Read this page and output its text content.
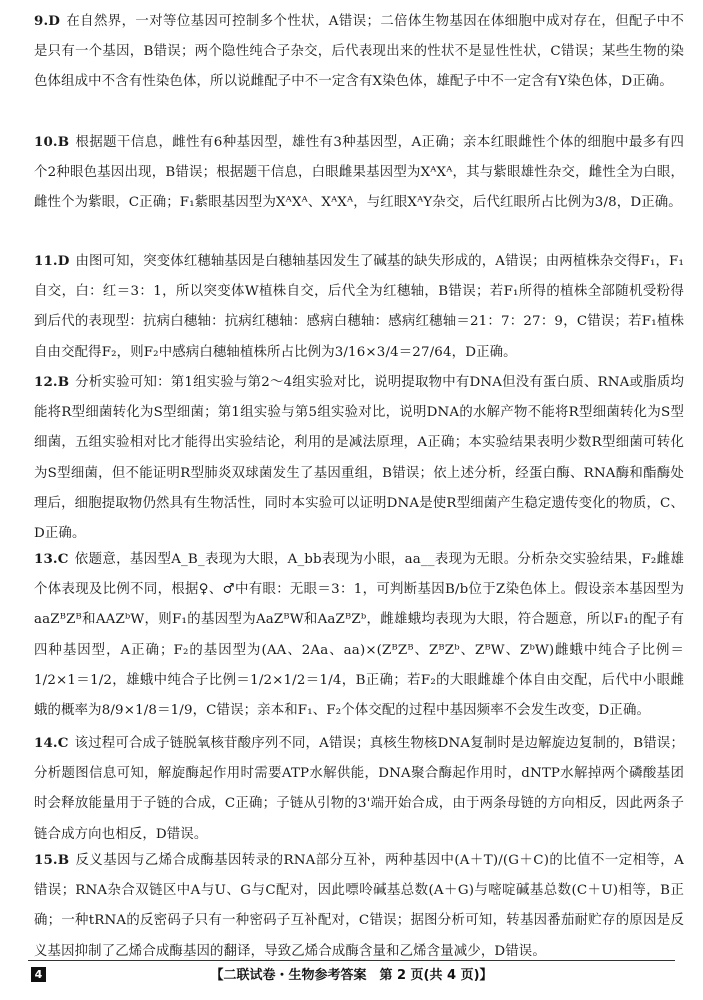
9.D 在自然界，一对等位基因可控制多个性状，A错误；二倍体生物基因在体细胞中成对存在，但配子中不是只有一个基因，B错误；两个隐性纯合子杂交，后代表现出来的性状不是显性性状，C错误；某些生物的染色体组成中不含有性染色体，所以说雌配子中不一定含有X染色体，雄配子中不一定含有Y染色体，D正确。

10.B 根据题干信息，雌性有6种基因型，雄性有3种基因型，A正确；亲本红眼雌性个体的细胞中最多有四个2种眼色基因出现，B错误；根据题干信息，白眼雌果基因型为XᴬXᴬ，其与紫眼雄性杂交，雌性全为白眼，雌性个为紫眼，C正确；F₁紫眼基因型为XᴬXᴬ、XᴬXᴬ，与红眼XᴬY杂交，后代红眼所占比例为3/8，D正确。

11.D 由图可知，突变体红穗轴基因是白穗轴基因发生了碱基的缺失形成的，A错误；由两植株杂交得F₁，F₁自交，白：红＝3：1，所以突变体W植株自交，后代全为红穗轴，B错误；若F₁所得的植株全部随机受粉得到后代的表现型：抗病白穗轴：抗病红穗轴：感病白穗轴：感病红穗轴＝21：7：27：9，C错误；若F₁植株自由交配得F₂，则F₂中感病白穗轴植株所占比例为3/16×3/4＝27/64，D正确。

12.B 分析实验可知：第1组实验与第2～4组实验对比，说明提取物中有DNA但没有蛋白质、RNA或脂质均能将R型细菌转化为S型细菌；第1组实验与第5组实验对比，说明DNA的水解产物不能将R型细菌转化为S型细菌，五组实验相对比才能得出实验结论，利用的是减法原理，A正确；本实验结果表明少数R型细菌可转化为S型细菌，但不能证明R型肺炎双球菌发生了基因重组，B错误；依上述分析，经蛋白酶、RNA酶和酯酶处理后，细胞提取物仍然具有生物活性，同时本实验可以证明DNA是使R型细菌产生稳定遗传变化的物质，C、D正确。

13.C 依题意，基因型A_B_表现为大眼，A_bb表现为小眼，aa__表现为无眼。分析杂交实验结果，F₂雌雄个体表现及比例不同，根据♀、♂中有眼：无眼＝3：1，可判断基因B/b位于Z染色体上。假设亲本基因型为aaZᴮZᴮ和AAZᵇW，则F₁的基因型为AaZᴮW和AaZᴮZᵇ，雌雄蛾均表现为大眼，符合题意，所以F₁的配子有四种基因型，A正确；F₂的基因型为(AA、2Aa、aa)×(ZᴮZᴮ、ZᴮZᵇ、ZᴮW、ZᵇW)雌蛾中纯合子比例＝1/2×1＝1/2，雄蛾中纯合子比例＝1/2×1/2＝1/4，B正确；若F₂的大眼雌雄个体自由交配，后代中小眼雌蛾的概率为8/9×1/8＝1/9，C错误；亲本和F₁、F₂个体交配的过程中基因频率不会发生改变，D正确。

14.C 该过程可合成子链脱氧核苷酸序列不同，A错误；真核生物核DNA复制时是边解旋边复制的，B错误；分析题图信息可知，解旋酶起作用时需要ATP水解供能，DNA聚合酶起作用时，dNTP水解掉两个磷酸基团时会释放能量用于子链的合成，C正确；子链从引物的3'端开始合成，由于两条母链的方向相反，因此两条子链合成方向也相反，D错误。

15.B 反义基因与乙烯合成酶基因转录的RNA部分互补，两种基因中(A＋T)/(G＋C)的比值不一定相等，A错误；RNA杂合双链区中A与U、G与C配对，因此嘌呤碱基总数(A＋G)与嘧啶碱基总数(C＋U)相等，B正确；一种tRNA的反密码子只有一种密码子互补配对，C错误；据图分析可知，转基因番茄耐贮存的原因是反义基因抑制了乙烯合成酶基因的翻译，导致乙烯合成酶含量和乙烯含量减少，D错误。

4	【二联试卷・生物参考答案　第 2 页(共 4 页)】
